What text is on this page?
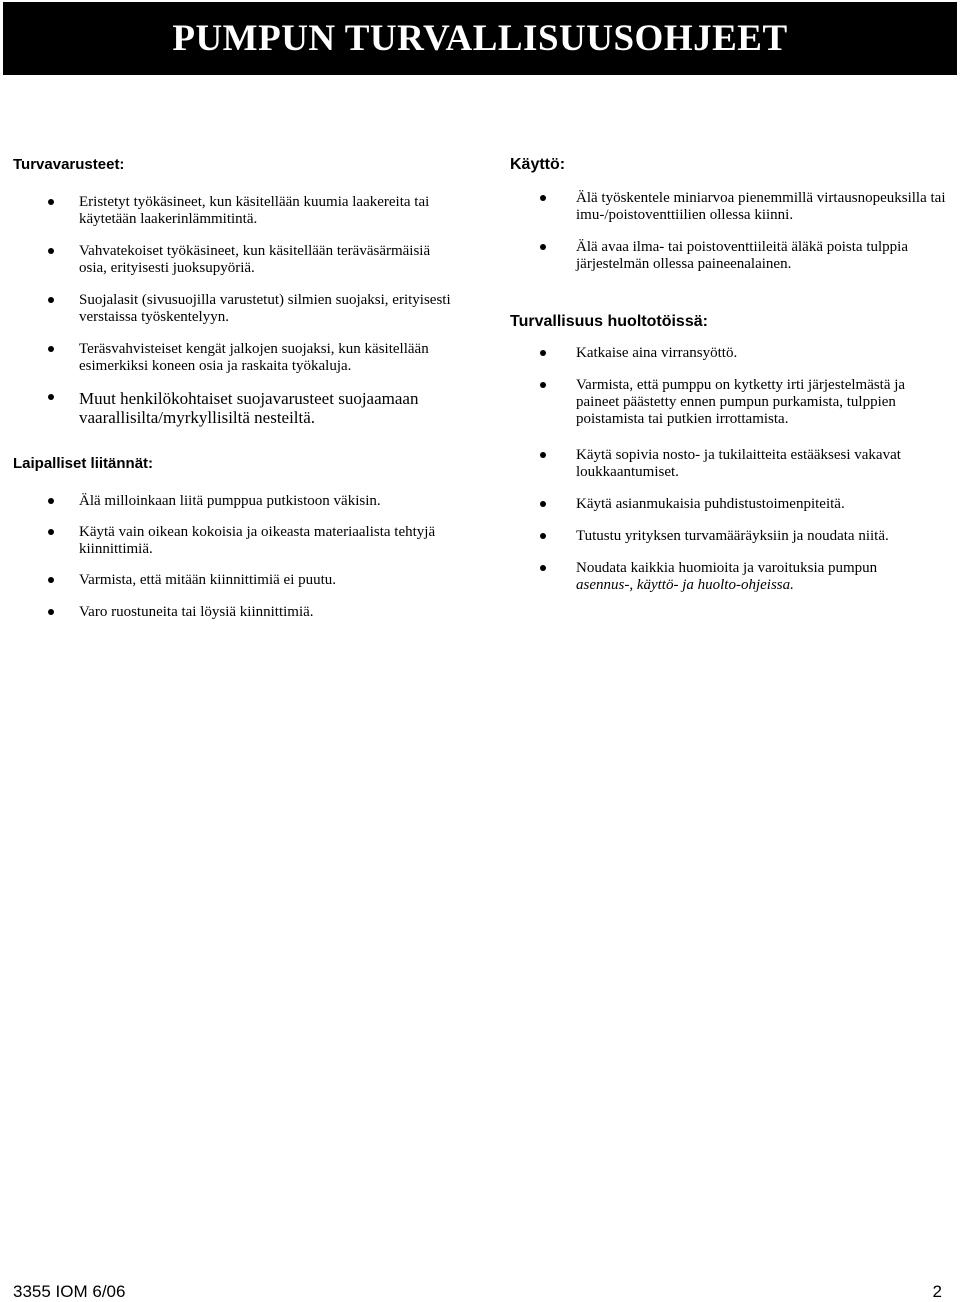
PUMPUN TURVALLISUUSOHJEET

Turvavarusteet:

Eristetyt työkäsineet, kun käsitellään kuumia laakereita tai käytetään laakerinlämmitintä.
Vahvatekoiset työkäsineet, kun käsitellään teräväsärmäisiä osia, erityisesti juoksupyöriä.
Suojalasit (sivusuojilla varustetut) silmien suojaksi, erityisesti verstaissa työskentelyyn.
Teräsvahvisteiset kengät jalkojen suojaksi, kun käsitellään esimerkiksi koneen osia ja raskaita työkaluja.
Muut henkilökohtaiset suojavarusteet suojaamaan vaarallisilta/myrkyllisiltä nesteiltä.

Laipalliset liitännät:

Älä milloinkaan liitä pumppua putkistoon väkisin.
Käytä vain oikean kokoisia ja oikeasta materiaalista tehtyjä kiinnittimiä.
Varmista, että mitään kiinnittimiä ei puutu.
Varo ruostuneita tai löysiä kiinnittimiä.

Käyttö:

Älä työskentele miniarvoa pienemmillä virtausnopeuksilla tai imu-/poistoventtiilien ollessa kiinni.
Älä avaa ilma- tai poistoventtiileitä äläkä poista tulppia järjestelmän ollessa paineenalainen.

Turvallisuus huoltotöissä:

Katkaise aina virransyöttö.
Varmista, että pumppu on kytketty irti järjestelmästä ja paineet päästetty ennen pumpun purkamista, tulppien poistamista tai putkien irrottamista.
Käytä sopivia nosto- ja tukilaitteita estääksesi vakavat loukkaantumiset.
Käytä asianmukaisia puhdistustoimenpiteitä.
Tutustu yrityksen turvamääräyksiin ja noudata niitä.
Noudata kaikkia huomioita ja varoituksia pumpun
asennus-, käyttö- ja huolto-ohjeissa.
3355 IOM 6/06	2
